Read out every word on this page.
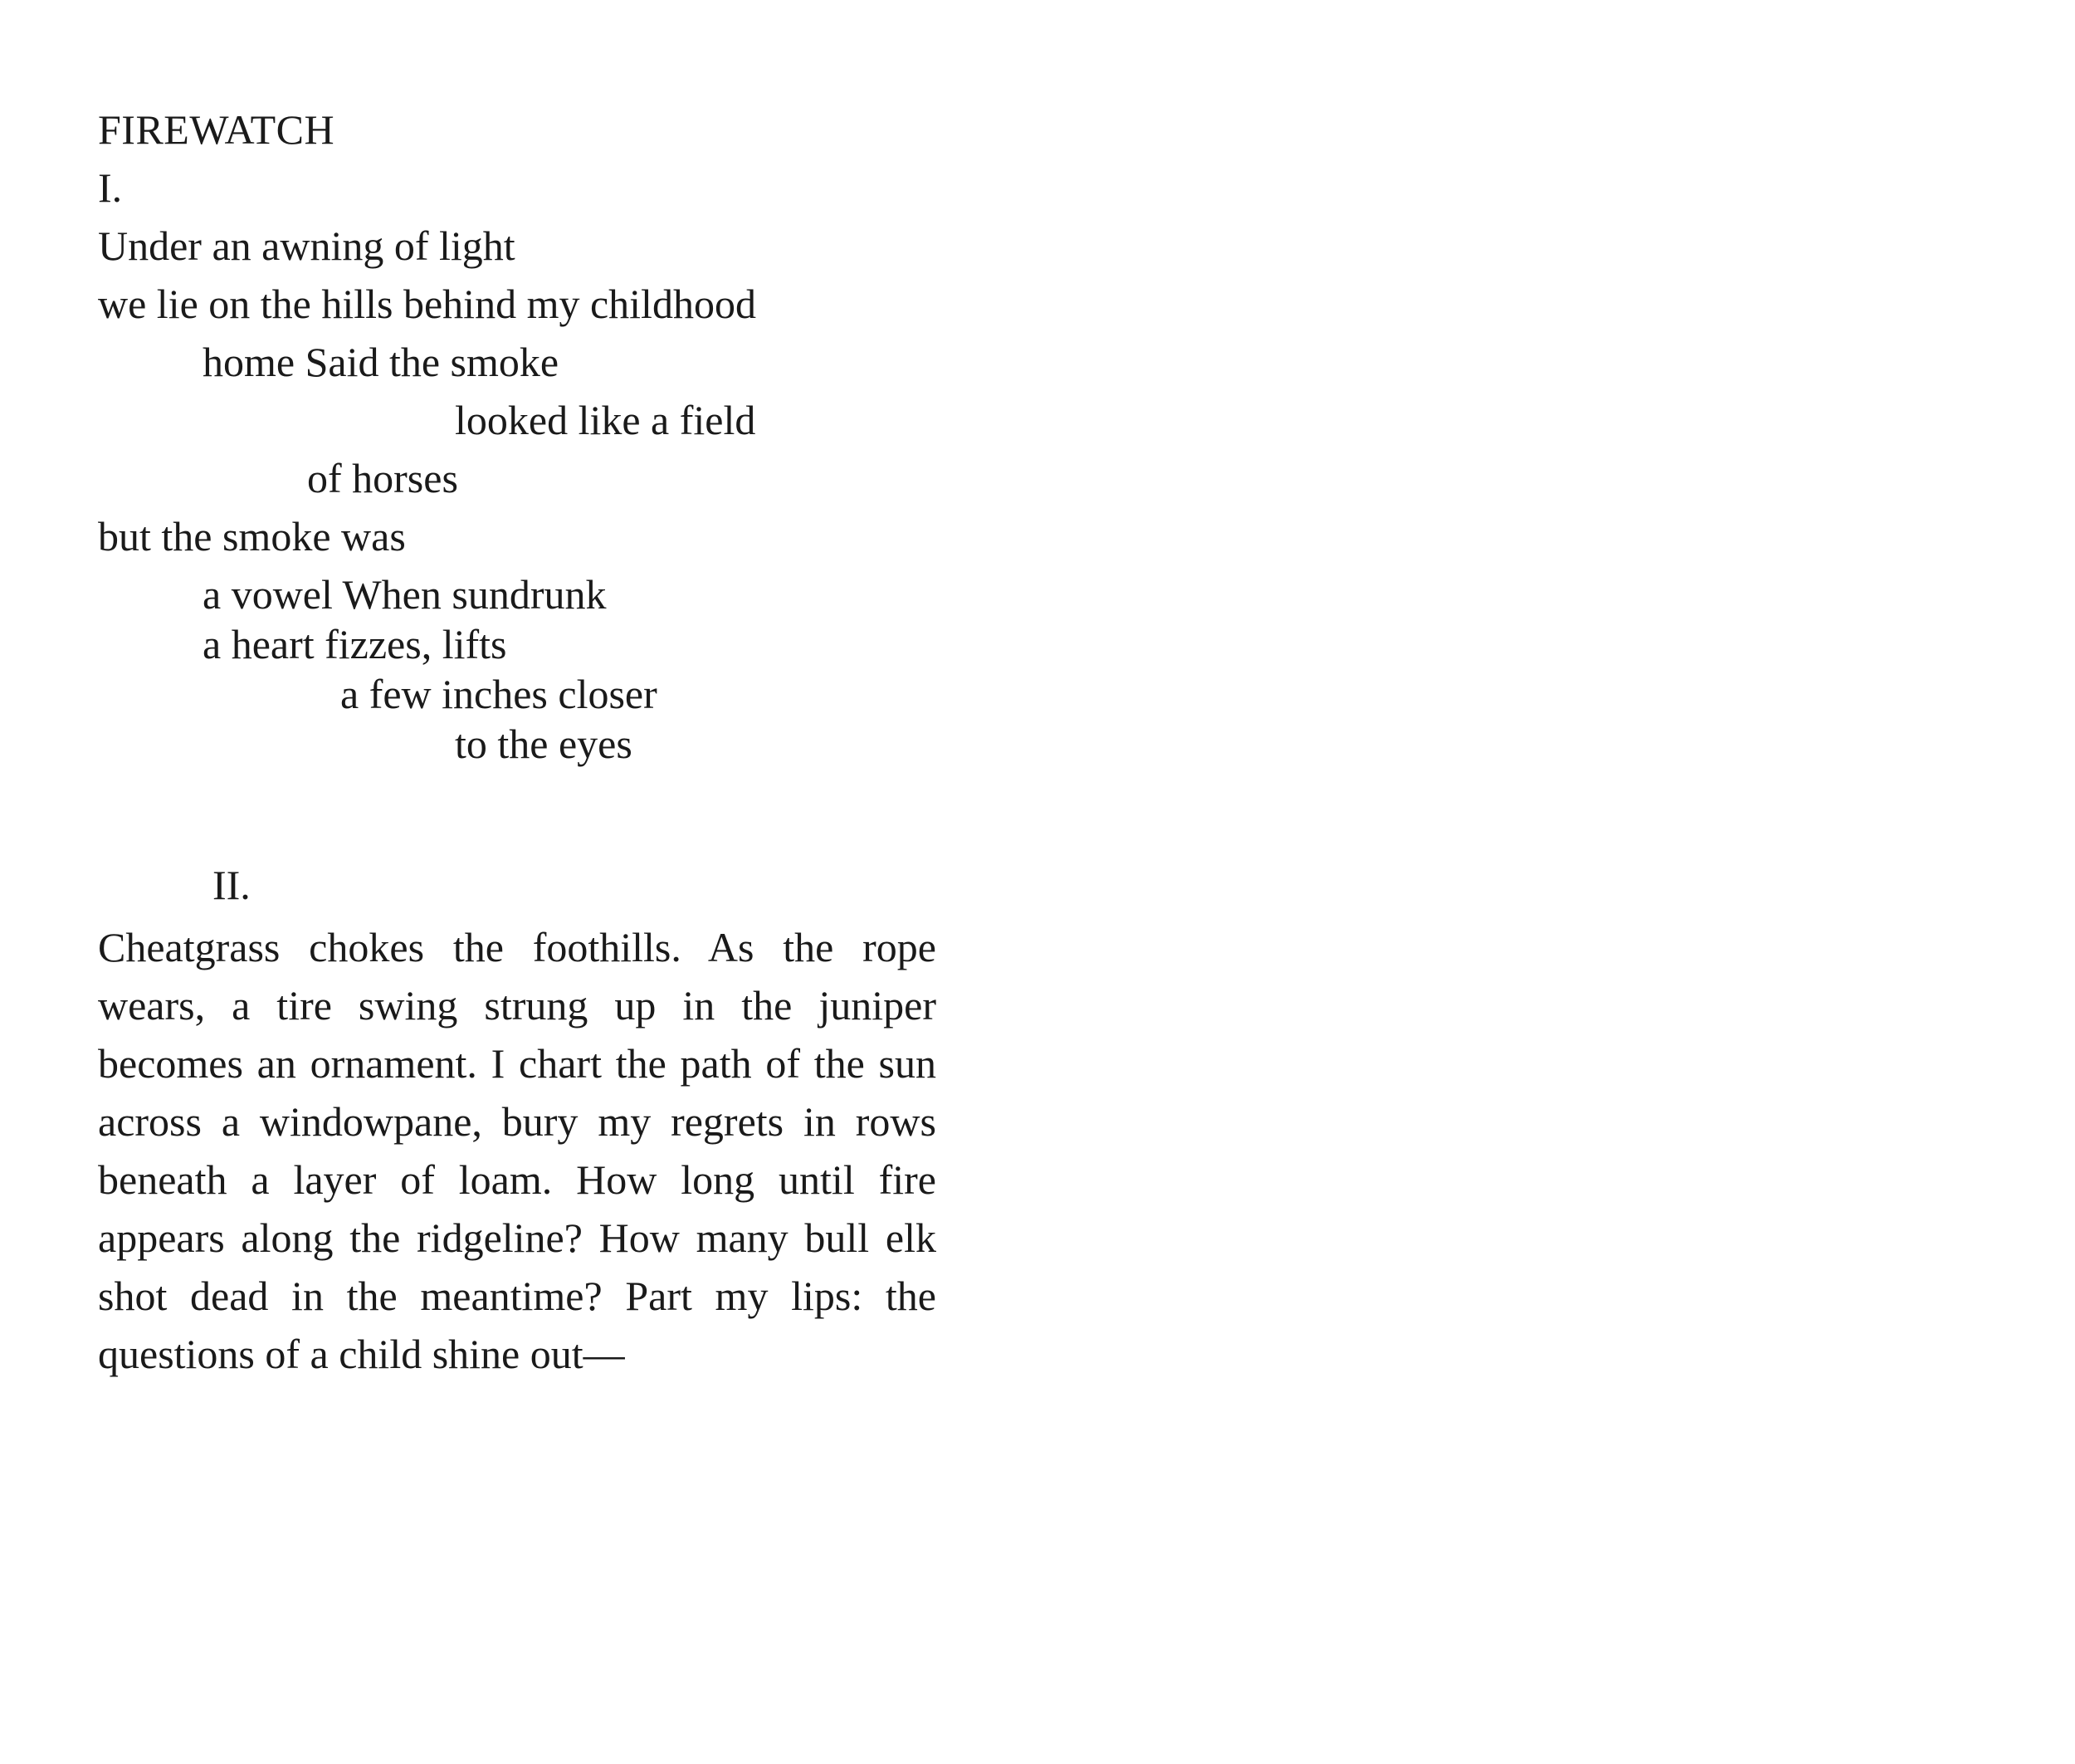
FIREWATCH
I.
Under an awning of light
we lie on the hills behind my childhood
home Said the smoke
looked like a field
of horses
but the smoke was
a vowel When sundrunk
a heart fizzes, lifts
a few inches closer
to the eyes
II.
Cheatgrass chokes the foothills. As the rope
wears, a tire swing strung up in the juniper
becomes an ornament. I chart the path of the sun
across a windowpane, bury my regrets in rows
beneath a layer of loam. How long until fire
appears along the ridgeline? How many bull elk
shot dead in the meantime? Part my lips: the
questions of a child shine out—
